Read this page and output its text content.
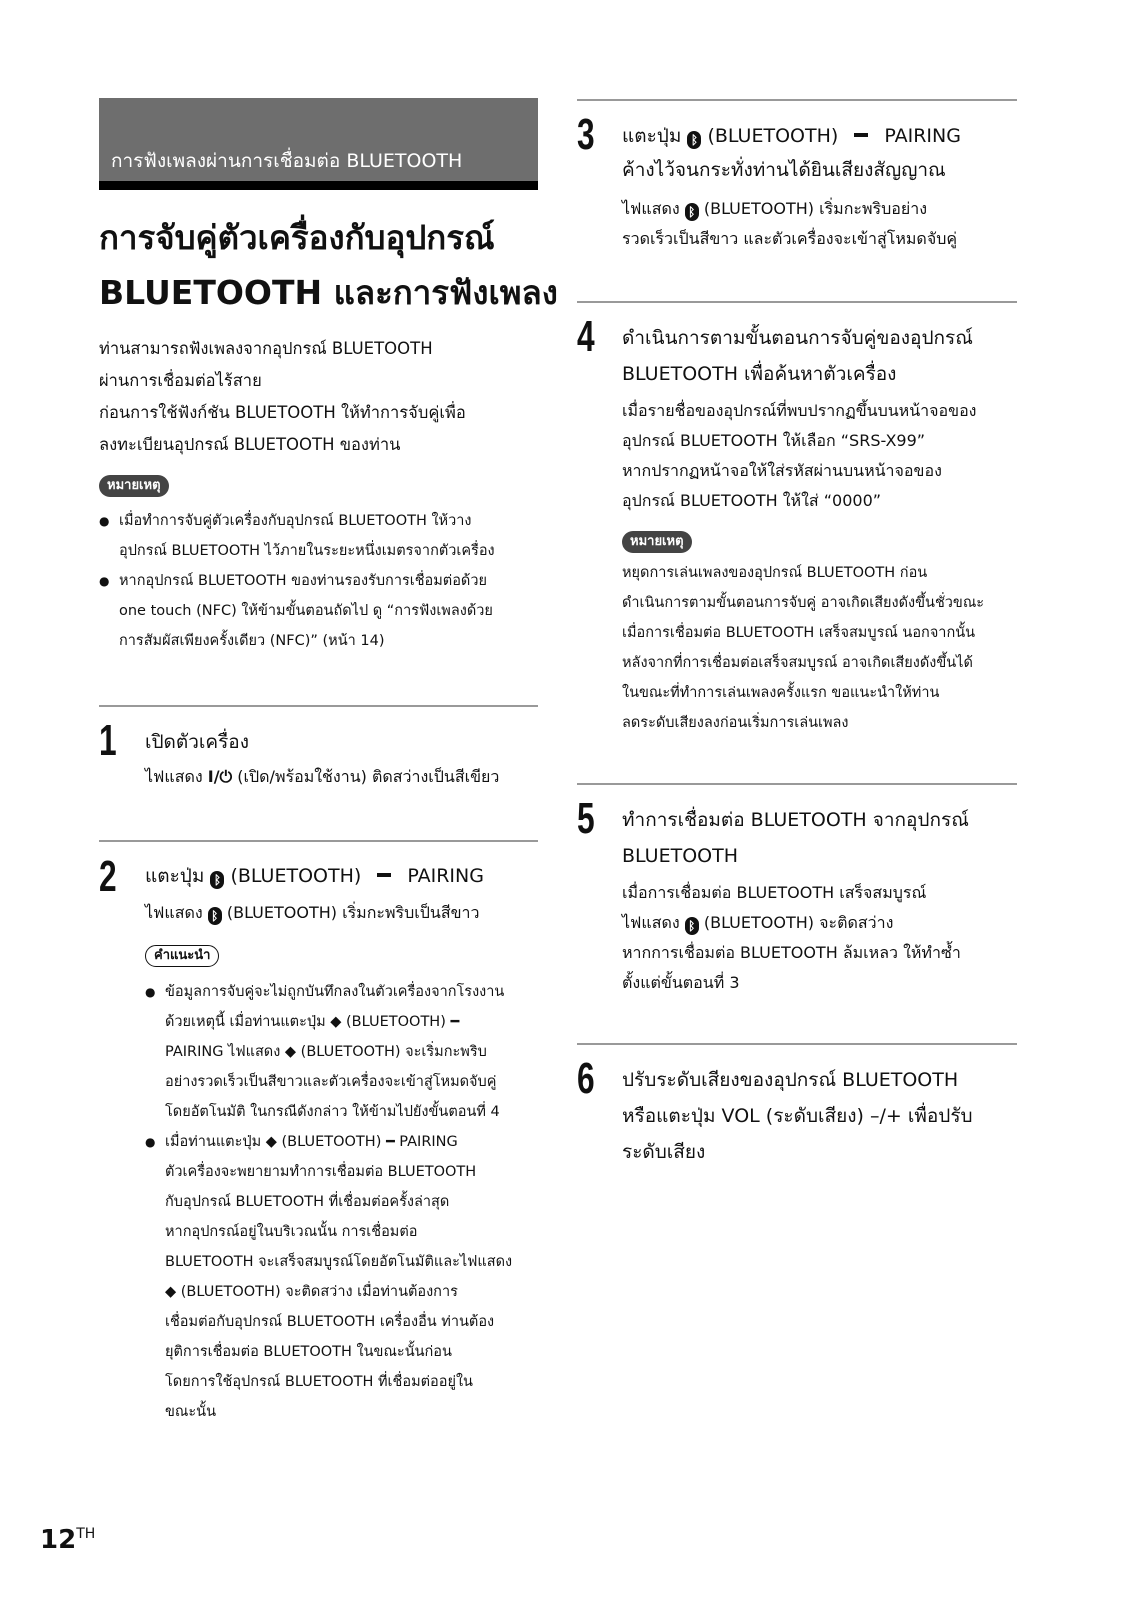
การฟังเพลงผ่านการเชื่อมต่อ BLUETOOTH
การจับคู่ตัวเครื่องกับอุปกรณ์
BLUETOOTH และการฟังเพลง
ท่านสามารถฟังเพลงจากอุปกรณ์ BLUETOOTH
ผ่านการเชื่อมต่อไร้สาย
ก่อนการใช้ฟังก์ชัน BLUETOOTH ให้ทำการจับคู่เพื่อ
ลงทะเบียนอุปกรณ์ BLUETOOTH ของท่าน
หมายเหตุ
● เมื่อทำการจับคู่ตัวเครื่องกับอุปกรณ์ BLUETOOTH ให้วาง
อุปกรณ์ BLUETOOTH ไว้ภายในระยะหนึ่งเมตรจากตัวเครื่อง
● หากอุปกรณ์ BLUETOOTH ของท่านรองรับการเชื่อมต่อด้วย
one touch (NFC) ให้ข้ามขั้นตอนถัดไป ดู “การฟังเพลงด้วย
การสัมผัสเพียงครั้งเดียว (NFC)” (หน้า 14)
1 เปิดตัวเครื่อง
ไฟแสดง I/⏻ (เปิด/พร้อมใช้งาน) ติดสว่างเป็นสีเขียว
2 แตะปุ่ม ᛒ (BLUETOOTH) PAIRING
ไฟแสดง ᛒ (BLUETOOTH) เริ่มกะพริบเป็นสีขาว
คำแนะนำ
● ข้อมูลการจับคู่จะไม่ถูกบันทึกลงในตัวเครื่องจากโรงงาน
ด้วยเหตุนี้ เมื่อท่านแตะปุ่ม ◆ (BLUETOOTH) ━
PAIRING ไฟแสดง ◆ (BLUETOOTH) จะเริ่มกะพริบ
อย่างรวดเร็วเป็นสีขาวและตัวเครื่องจะเข้าสู่โหมดจับคู่
โดยอัตโนมัติ ในกรณีดังกล่าว ให้ข้ามไปยังขั้นตอนที่ 4
● เมื่อท่านแตะปุ่ม ◆ (BLUETOOTH) ━ PAIRING
ตัวเครื่องจะพยายามทำการเชื่อมต่อ BLUETOOTH
กับอุปกรณ์ BLUETOOTH ที่เชื่อมต่อครั้งล่าสุด
หากอุปกรณ์อยู่ในบริเวณนั้น การเชื่อมต่อ
BLUETOOTH จะเสร็จสมบูรณ์โดยอัตโนมัติและไฟแสดง
◆ (BLUETOOTH) จะติดสว่าง เมื่อท่านต้องการ
เชื่อมต่อกับอุปกรณ์ BLUETOOTH เครื่องอื่น ท่านต้อง
ยุติการเชื่อมต่อ BLUETOOTH ในขณะนั้นก่อน
โดยการใช้อุปกรณ์ BLUETOOTH ที่เชื่อมต่ออยู่ใน
ขณะนั้น
3 แตะปุ่ม ᛒ (BLUETOOTH) PAIRING
ค้างไว้จนกระทั่งท่านได้ยินเสียงสัญญาณ
ไฟแสดง ᛒ (BLUETOOTH) เริ่มกะพริบอย่าง
รวดเร็วเป็นสีขาว และตัวเครื่องจะเข้าสู่โหมดจับคู่
4 ดำเนินการตามขั้นตอนการจับคู่ของอุปกรณ์
BLUETOOTH เพื่อค้นหาตัวเครื่อง
เมื่อรายชื่อของอุปกรณ์ที่พบปรากฏขึ้นบนหน้าจอของ
อุปกรณ์ BLUETOOTH ให้เลือก “SRS-X99”
หากปรากฏหน้าจอให้ใส่รหัสผ่านบนหน้าจอของ
อุปกรณ์ BLUETOOTH ให้ใส่ “0000”
หมายเหตุ
หยุดการเล่นเพลงของอุปกรณ์ BLUETOOTH ก่อน
ดำเนินการตามขั้นตอนการจับคู่ อาจเกิดเสียงดังขึ้นชั่วขณะ
เมื่อการเชื่อมต่อ BLUETOOTH เสร็จสมบูรณ์ นอกจากนั้น
หลังจากที่การเชื่อมต่อเสร็จสมบูรณ์ อาจเกิดเสียงดังขึ้นได้
ในขณะที่ทำการเล่นเพลงครั้งแรก ขอแนะนำให้ท่าน
ลดระดับเสียงลงก่อนเริ่มการเล่นเพลง
5 ทำการเชื่อมต่อ BLUETOOTH จากอุปกรณ์
BLUETOOTH
เมื่อการเชื่อมต่อ BLUETOOTH เสร็จสมบูรณ์
ไฟแสดง ᛒ (BLUETOOTH) จะติดสว่าง
หากการเชื่อมต่อ BLUETOOTH ล้มเหลว ให้ทำซ้ำ
ตั้งแต่ขั้นตอนที่ 3
6 ปรับระดับเสียงของอุปกรณ์ BLUETOOTH
หรือแตะปุ่ม VOL (ระดับเสียง) –/+ เพื่อปรับ
ระดับเสียง
12TH
